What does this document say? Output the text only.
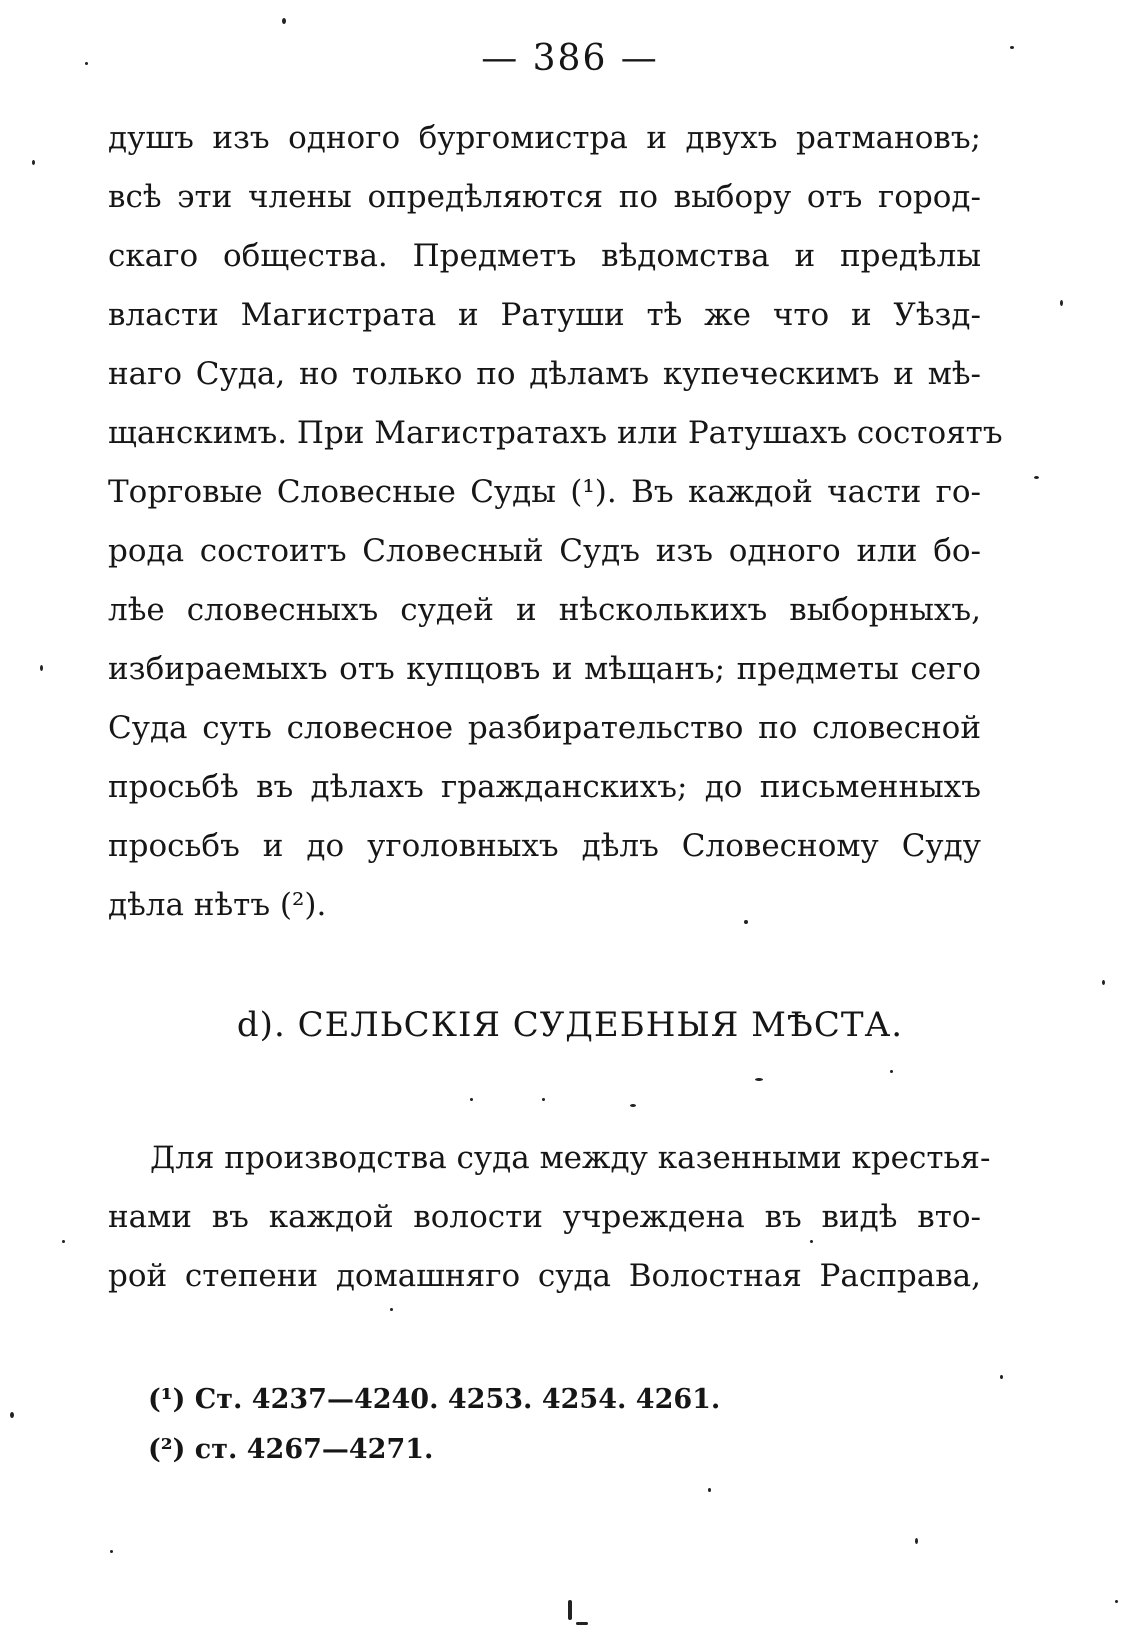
— 386 —
душъ изъ одного бургомистра и двухъ ратмановъ;
всѣ эти члены опредѣляются по выбору отъ город-
скаго общества. Предметъ вѣдомства и предѣлы
власти Магистрата и Ратуши тѣ же что и Уѣзд-
наго Суда, но только по дѣламъ купеческимъ и мѣ-
щанскимъ. При Магистратахъ или Ратушахъ состоятъ
Торговые Словесные Суды (¹). Въ каждой части го-
рода состоитъ Словесный Судъ изъ одного или бо-
лѣе словесныхъ судей и нѣсколькихъ выборныхъ,
избираемыхъ отъ купцовъ и мѣщанъ; предметы сего
Суда суть словесное разбирательство по словесной
просьбѣ въ дѣлахъ гражданскихъ; до письменныхъ
просьбъ и до уголовныхъ дѣлъ Словесному Суду
дѣла нѣтъ (²).
d). СЕЛЬСКІЯ СУДЕБНЫЯ МѢСТА.
Для производства суда между казенными крестья-
нами въ каждой волости учреждена въ видѣ вто-
рой степени домашняго суда Волостная Расправа,
(¹) Ст. 4237—4240. 4253. 4254. 4261.
(²) ст. 4267—4271.
